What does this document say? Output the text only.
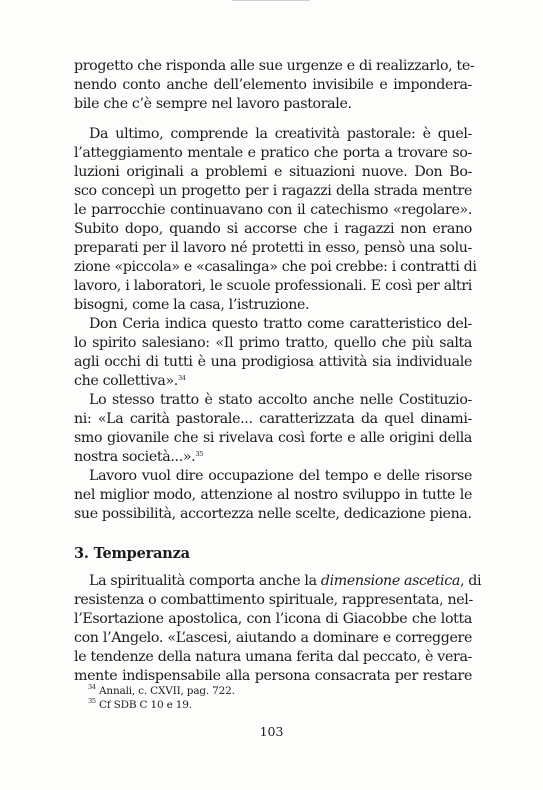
progetto che risponda alle sue urgenze e di realizzarlo, te-
nendo conto anche dell’elemento invisibile e imponderа-
bile che c’è sempre nel lavoro pastorale.
Da ultimo, comprende la creatività pastorale: è quel-
l’atteggiamento mentale e pratico che porta a trovare so-
luzioni originali a problemi e situazioni nuove. Don Bo-
sco concepì un progetto per i ragazzi della strada mentre
le parrocchie continuavano con il catechismo «regolare».
Subito dopo, quando si accorse che i ragazzi non erano
preparati per il lavoro né protetti in esso, pensò una solu-
zione «piccola» e «casalinga» che poi crebbe: i contratti di
lavoro, i laboratori, le scuole professionali. E così per altri
bisogni, come la casa, l’istruzione.
Don Ceria indica questo tratto come caratteristico del-
lo spirito salesiano: «Il primo tratto, quello che più salta
agli occhi di tutti è una prodigiosa attività sia individuale
che collettiva».$^{34}$
Lo stesso tratto è stato accolto anche nelle Costituzio-
ni: «La carità pastorale... caratterizzata da quel dinami-
smo giovanile che si rivelava così forte e alle origini della
nostra società...».$^{35}$
Lavoro vuol dire occupazione del tempo e delle risorse
nel miglior modo, attenzione al nostro sviluppo in tutte le
sue possibilità, accortezza nelle scelte, dedicazione piena.
3. Temperanza
La spiritualità comporta anche la dimensione ascetica, di
resistenza o combattimento spirituale, rappresentata, nel-
l’Esortazione apostolica, con l’icona di Giacobbe che lotta
con l’Angelo. «L’ascesi, aiutando a dominare e correggere
le tendenze della natura umana ferita dal peccato, è vera-
mente indispensabile alla persona consacrata per restare
$^{34}$ Annali, c. CXVII, pag. 722.
$^{35}$ Cf SDB C 10 e 19.
103
